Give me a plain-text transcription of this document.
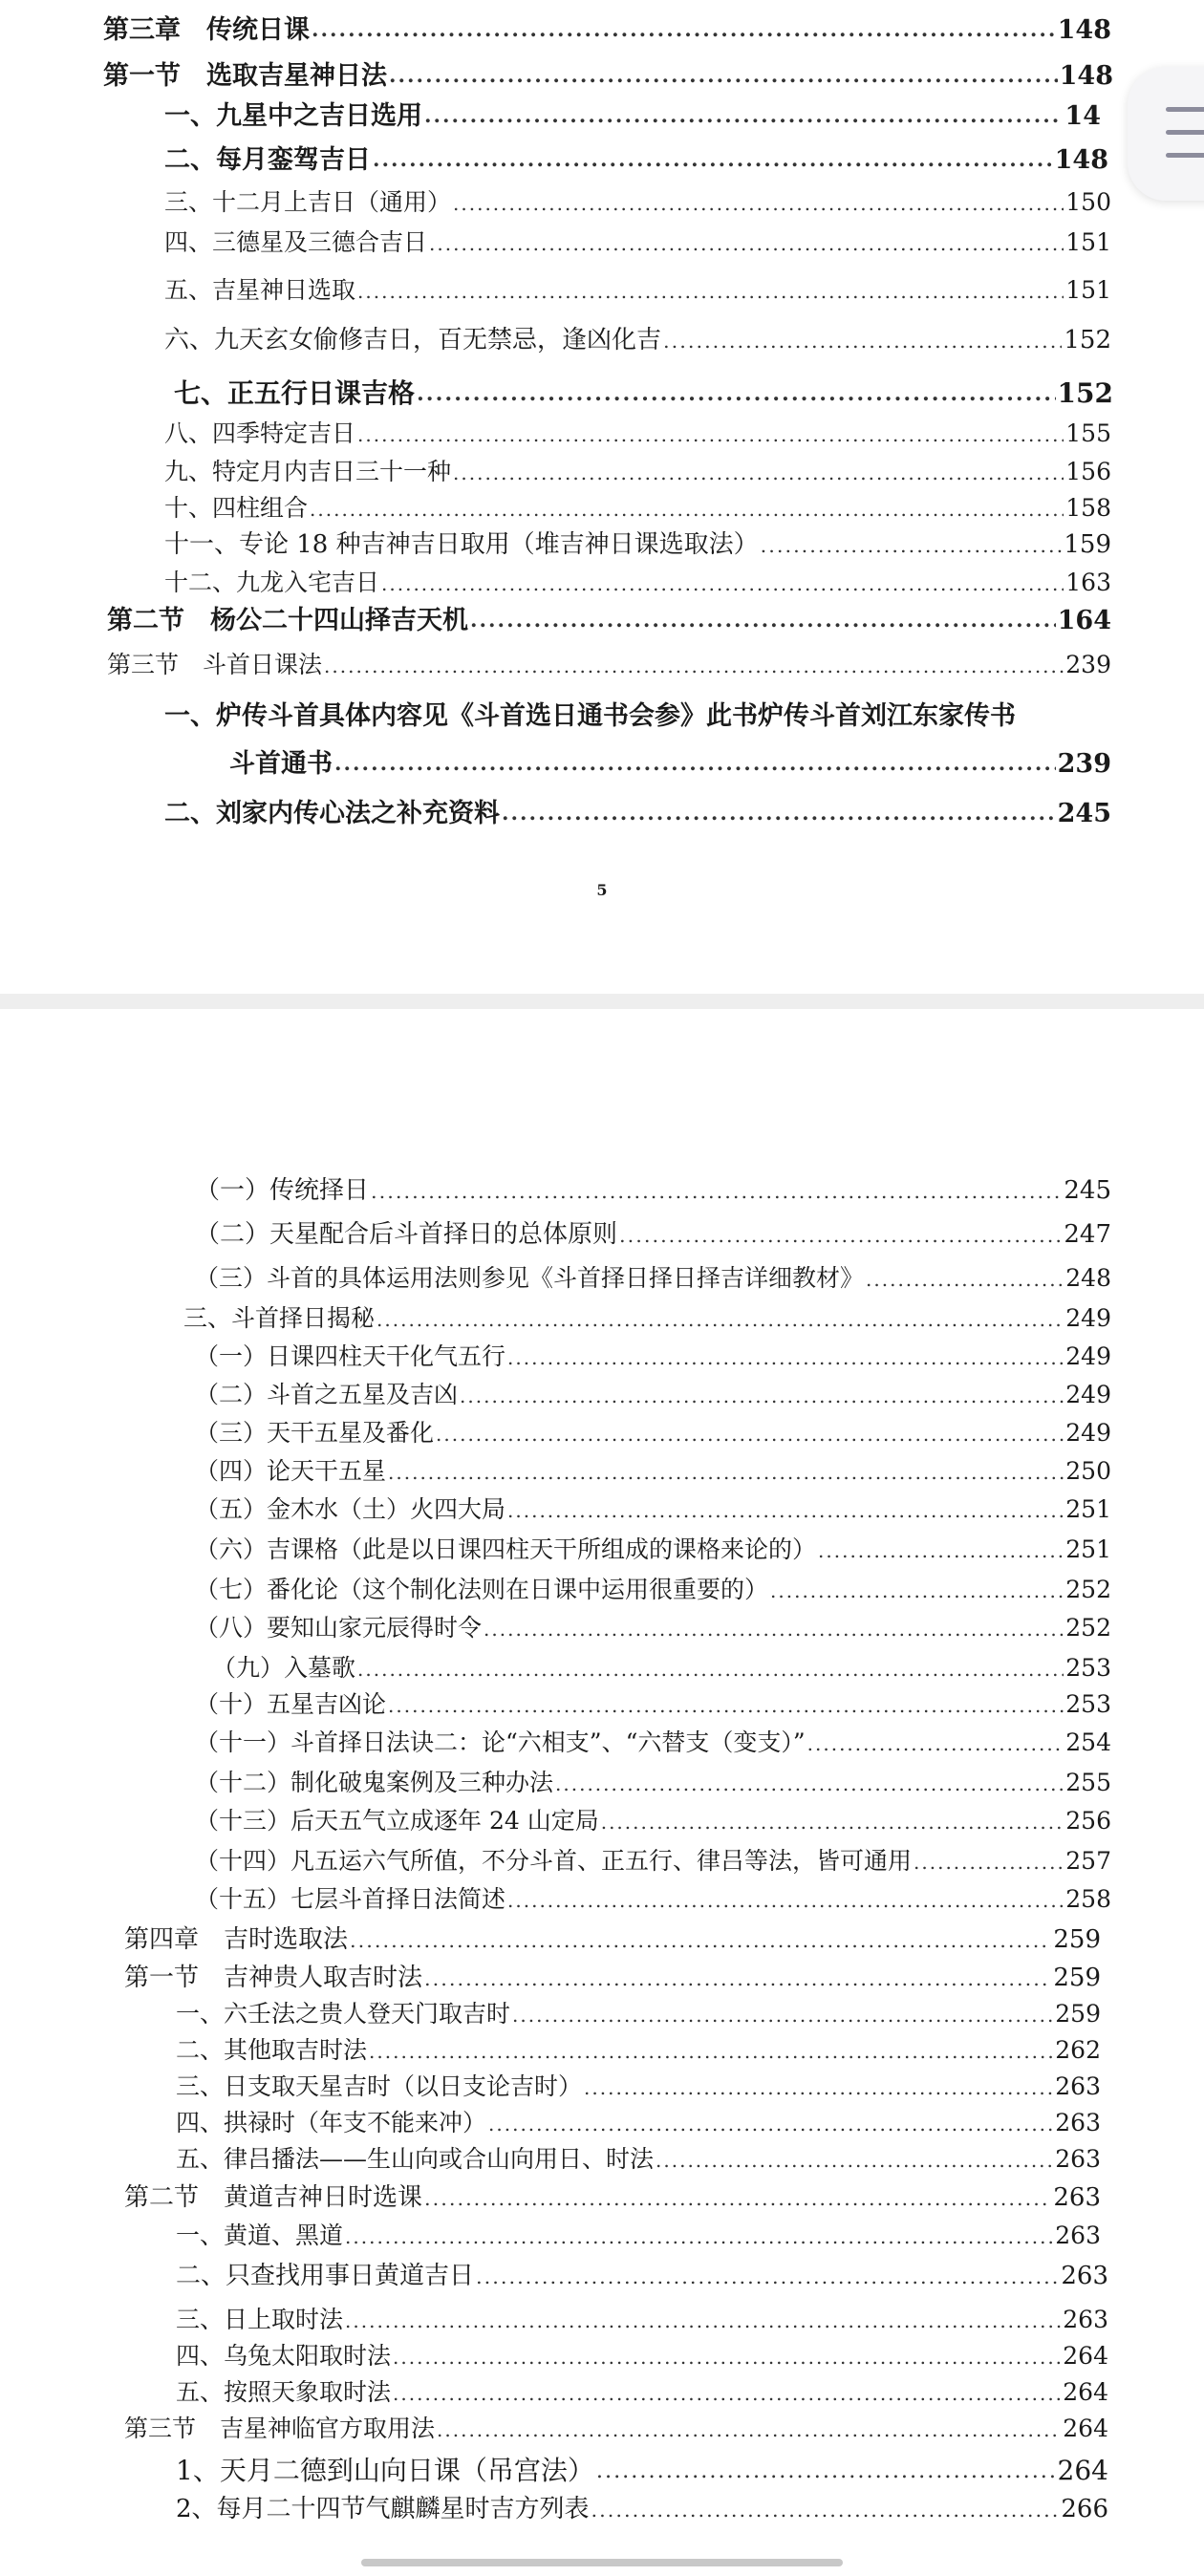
第三章　传统日课 .....	148
第一节　选取吉星神日法 .....	148
一、九星中之吉日选用 .....	14
二、每月銮驾吉日 .....	148
三、十二月上吉日（通用） .....	150
四、三德星及三德合吉日 .....	151
五、吉星神日选取 .....	151
六、九天玄女偷修吉日，百无禁忌，逢凶化吉 .....	152
七、正五行日课吉格 .....	152
八、四季特定吉日 .....	155
九、特定月内吉日三十一种 .....	156
十、四柱组合 .....	158
十一、专论 18 种吉神吉日取用（堆吉神日课选取法） .....	159
十二、九龙入宅吉日 .....	163
第二节　杨公二十四山择吉天机 .....	164
第三节　斗首日课法 .....	239
一、炉传斗首具体内容见《斗首选日通书会参》此书炉传斗首刘江东家传书
斗首通书 .....	239
二、刘家内传心法之补充资料 .....	245
（一）传统择日 .....	245
（二）天星配合后斗首择日的总体原则 .....	247
（三）斗首的具体运用法则参见《斗首择日择日择吉详细教材》 .....	248
三、斗首择日揭秘 .....	249
（一）日课四柱天干化气五行 .....	249
（二）斗首之五星及吉凶 .....	249
（三）天干五星及番化 .....	249
（四）论天干五星 .....	250
（五）金木水（土）火四大局 .....	251
（六）吉课格（此是以日课四柱天干所组成的课格来论的） .....	251
（七）番化论（这个制化法则在日课中运用很重要的） .....	252
（八）要知山家元辰得时令 .....	252
（九）入墓歌 .....	253
（十）五星吉凶论 .....	253
（十一）斗首择日法诀二：论“六相支”、“六替支（变支）” .....	254
（十二）制化破鬼案例及三种办法 .....	255
（十三）后天五气立成逐年 24 山定局 .....	256
（十四）凡五运六气所值，不分斗首、正五行、律吕等法，皆可通用 .....	257
（十五）七层斗首择日法简述 .....	258
第四章　吉时选取法 .....	259
第一节　吉神贵人取吉时法 .....	259
一、六壬法之贵人登天门取吉时 .....	259
二、其他取吉时法 .....	262
三、日支取天星吉时（以日支论吉时） .....	263
四、拱禄时（年支不能来冲） .....	263
五、律吕播法——生山向或合山向用日、时法 .....	263
第二节　黄道吉神日时选课 .....	263
一、黄道、黑道 .....	263
二、只查找用事日黄道吉日 .....	263
三、日上取时法 .....	263
四、乌兔太阳取时法 .....	264
五、按照天象取时法 .....	264
第三节　吉星神临官方取用法 .....	264
1、天月二德到山向日课（吊宫法） .....	264
2、每月二十四节气麒麟星时吉方列表 .....	266
5
